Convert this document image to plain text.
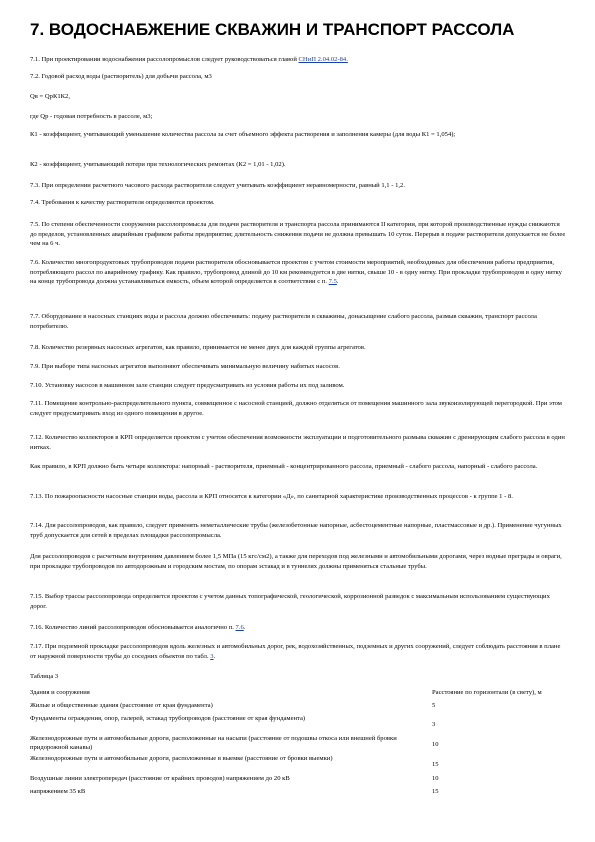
7. ВОДОСНАБЖЕНИЕ СКВАЖИН И ТРАНСПОРТ РАССОЛА
7.1. При проектировании водоснабжения рассолопромыслов следует руководствоваться главой СНиП 2.04.02-84.
7.2. Годовой расход воды (растворитель) для добычи рассола, м3
Qв = QрК1К2,
где Qр - годовая потребность в рассоле, м3;
К1 - коэффициент, учитывающий уменьшение количества рассола за счет объемного эффекта растворения и заполнения камеры (для воды К1 = 1,054);
К2 - коэффициент, учитывающий потери при технологических ремонтах (К2 = 1,01 - 1,02).
7.3. При определении расчетного часового расхода растворителя следует учитывать коэффициент неравномерности, равный 1,1 - 1,2.
7.4. Требования к качеству растворителя определяются проектом.
7.5. По степени обеспеченности сооружения рассолопромысла для подачи растворителя и транспорта рассола принимаются II категории, при которой производственные нужды снижаются до пределов, установленных аварийным графиком работы предприятия; длительность снижения подачи не должна превышать 10 суток. Перерыв в подаче растворителя допускается не более чем на 6 ч.
7.6. Количество многопродуктовых трубопроводов подачи растворителя обосновывается проектом с учетом стоимости мероприятий, необходимых для обеспечения работы предприятия, потребляющего рассол по аварийному графику. Как правило, трубопровод длиной до 10 км рекомендуется в две нитки, свыше 10 - в одну нитку. При прокладке трубопроводов в одну нитку на конце трубопровода должна устанавливаться емкость, объем которой определяется в соответствии с п. 7.5.
7.7. Оборудование в насосных станциях воды и рассола должно обеспечивать: подачу растворителя в скважины, донасыщение слабого рассола, размыв скважин, транспорт рассола потребителю.
7.8. Количество резервных насосных агрегатов, как правило, принимается не менее двух для каждой группы агрегатов.
7.9. При выборе типа насосных агрегатов выполняют обеспечивать минимальную величину набитых насосов.
7.10. Установку насосов в машинном зале станции следует предусматривать из условия работы их под заливом.
7.11. Помещение контрольно-распределительного пункта, совмещенное с насосной станцией, должно отделяться от помещения машинного зала звукоизолирующей перегородкой. При этом следует предусматривать вход из одного помещения в другое.
7.12. Количество коллекторов в КРП определяется проектом с учетом обеспечения возможности эксплуатации и подготовительного размыва скважин с дренирующим слабого рассола в один нитках.
Как правило, в КРП должно быть четыре коллектора: напорный - растворителя, приемный - концентрированного рассола, приемный - слабого рассола, напорный - слабого рассола.
7.13. По пожароопасности насосные станции воды, рассола и КРП относятся к категории «Д», по санитарной характеристике производственных процессов - к группе 1 - 8.
7.14. Для рассолопроводов, как правило, следует применять неметаллические трубы (железобетонные напорные, асбестоцементные напорные, пластмассовые и др.). Применение чугунных труб допускается для сетей в пределах площадки рассолопромысла.
Для рассолопроводов с расчетным внутренним давлением более 1,5 МПа (15 кгс/см2), а также для переходов под железными и автомобильными дорогами, через водные преграды и овраги, при прокладке трубопроводов по автодорожным и городским мостам, по опорам эстакад и в туннелях должны применяться стальные трубы.
7.15. Выбор трассы рассолопровода определяется проектом с учетом данных топографической, геологической, коррозионной разведок с максимальным использованием существующих дорог.
7.16. Количество линий рассолопроводов обосновывается аналогично п. 7.6.
7.17. При подземной прокладке рассолопроводов вдоль железных и автомобильных дорог, рек, водохозяйственных, подземных и других сооружений, следует соблюдать расстояния в плане от наружной поверхности трубы до соседних объектов по табл. 3.
Таблица 3
Здания и сооружения	Расстояние по горизонтали (в свету), м
Жилые и общественные здания (расстояние от края фундамента)	5
Фундаменты ограждения, опор, галерей, эстакад трубопроводов (расстояние от края фундамента)	3
Железнодорожные пути и автомобильные дороги, расположенные на насыпи (расстояние от подошвы откоса или внешней бровки придорожной канавы)	10
Железнодорожные пути и автомобильные дороги, расположенные в выемке (расстояние от бровки выемки)	15
Воздушные линии электропередач (расстояние от крайних проводов) напряжением до 20 кВ	10
напряжением 35 кВ	15
